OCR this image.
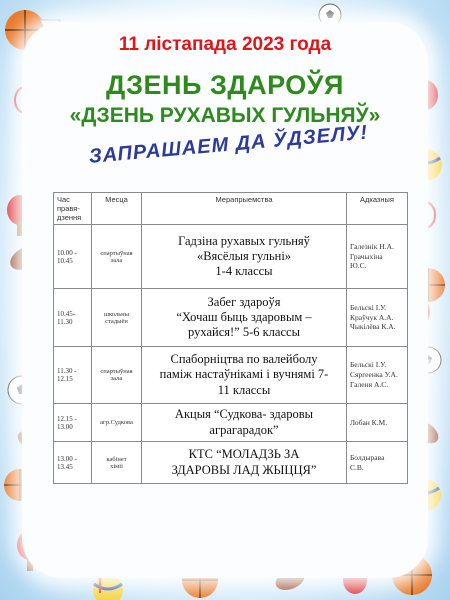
11 лістапада 2023 года
ДЗЕНЬ ЗДАРОЎЯ
«ДЗЕНЬ РУХАВЫХ ГУЛЬНЯЎ»
ЗАПРАШАЕМ ДА ЎДЗЕЛУ!
Час
правя-
дзення	Месца	Мерапрыемства	Адказныя

10.00 -
10.45	спартыўная
зала	Гадзіна рухавых гульняў
«Вясёлыя гульні»
1-4 классы	Галезнік Н.А.
Грачыхіна
Ю.С.

10.45-
11.30	школьны
стадыён	Забег здароўя
“Хочаш быць здаровым –
рухайся!” 5-6 классы	Бельскі І.У.
Краўчук А.А.
Чыкілёва К.А.

11.30 -
12.15	спартыўная
зала	Спаборніцтва по валейболу
паміж настаўнікамі і вучнямі 7-
11 классы	Бельскі І.У.
Сяргеенка У.А.
Галеня А.С.

12.15 -
13.00	агр.Судкова	Акцыя “Судкова- здаровы
аграгарадок”	Лобан К.М.

13.00 -
13.45	кабінет
хіміі	КТС “МОЛАДЗЬ ЗА
ЗДАРОВЫ ЛАД ЖЫЦЦЯ”	Болдырава
С.В.
